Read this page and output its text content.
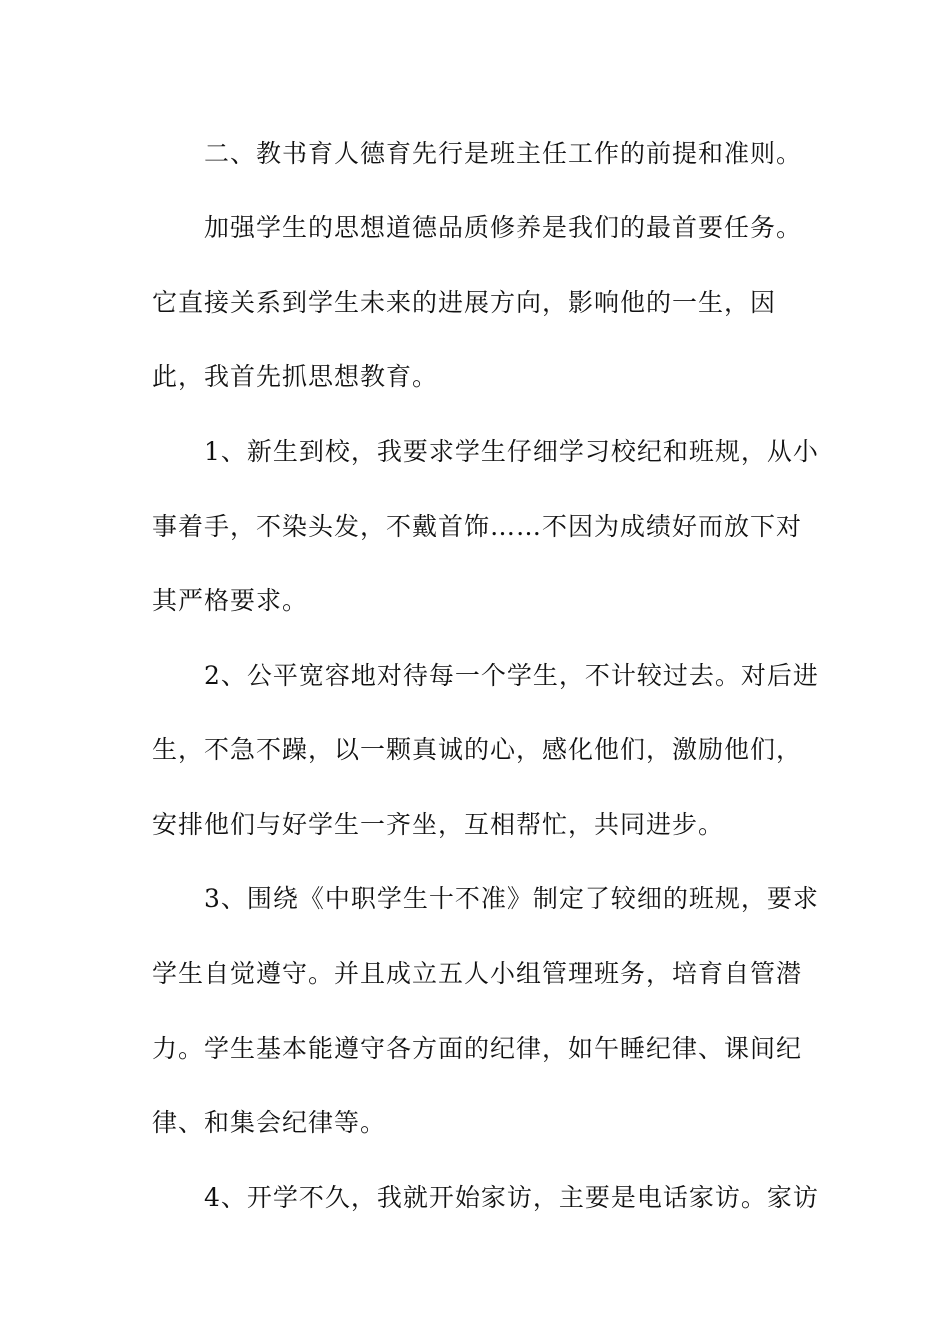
二、教书育人德育先行是班主任工作的前提和准则。
加强学生的思想道德品质修养是我们的最首要任务。
它直接关系到学生未来的进展方向，影响他的一生，因
此，我首先抓思想教育。
1、新生到校，我要求学生仔细学习校纪和班规，从小
事着手，不染头发，不戴首饰……不因为成绩好而放下对
其严格要求。
2、公平宽容地对待每一个学生，不计较过去。对后进
生，不急不躁，以一颗真诚的心，感化他们，激励他们，
安排他们与好学生一齐坐，互相帮忙，共同进步。
3、围绕《中职学生十不准》制定了较细的班规，要求
学生自觉遵守。并且成立五人小组管理班务，培育自管潜
力。学生基本能遵守各方面的纪律，如午睡纪律、课间纪
律、和集会纪律等。
4、开学不久，我就开始家访，主要是电话家访。家访
